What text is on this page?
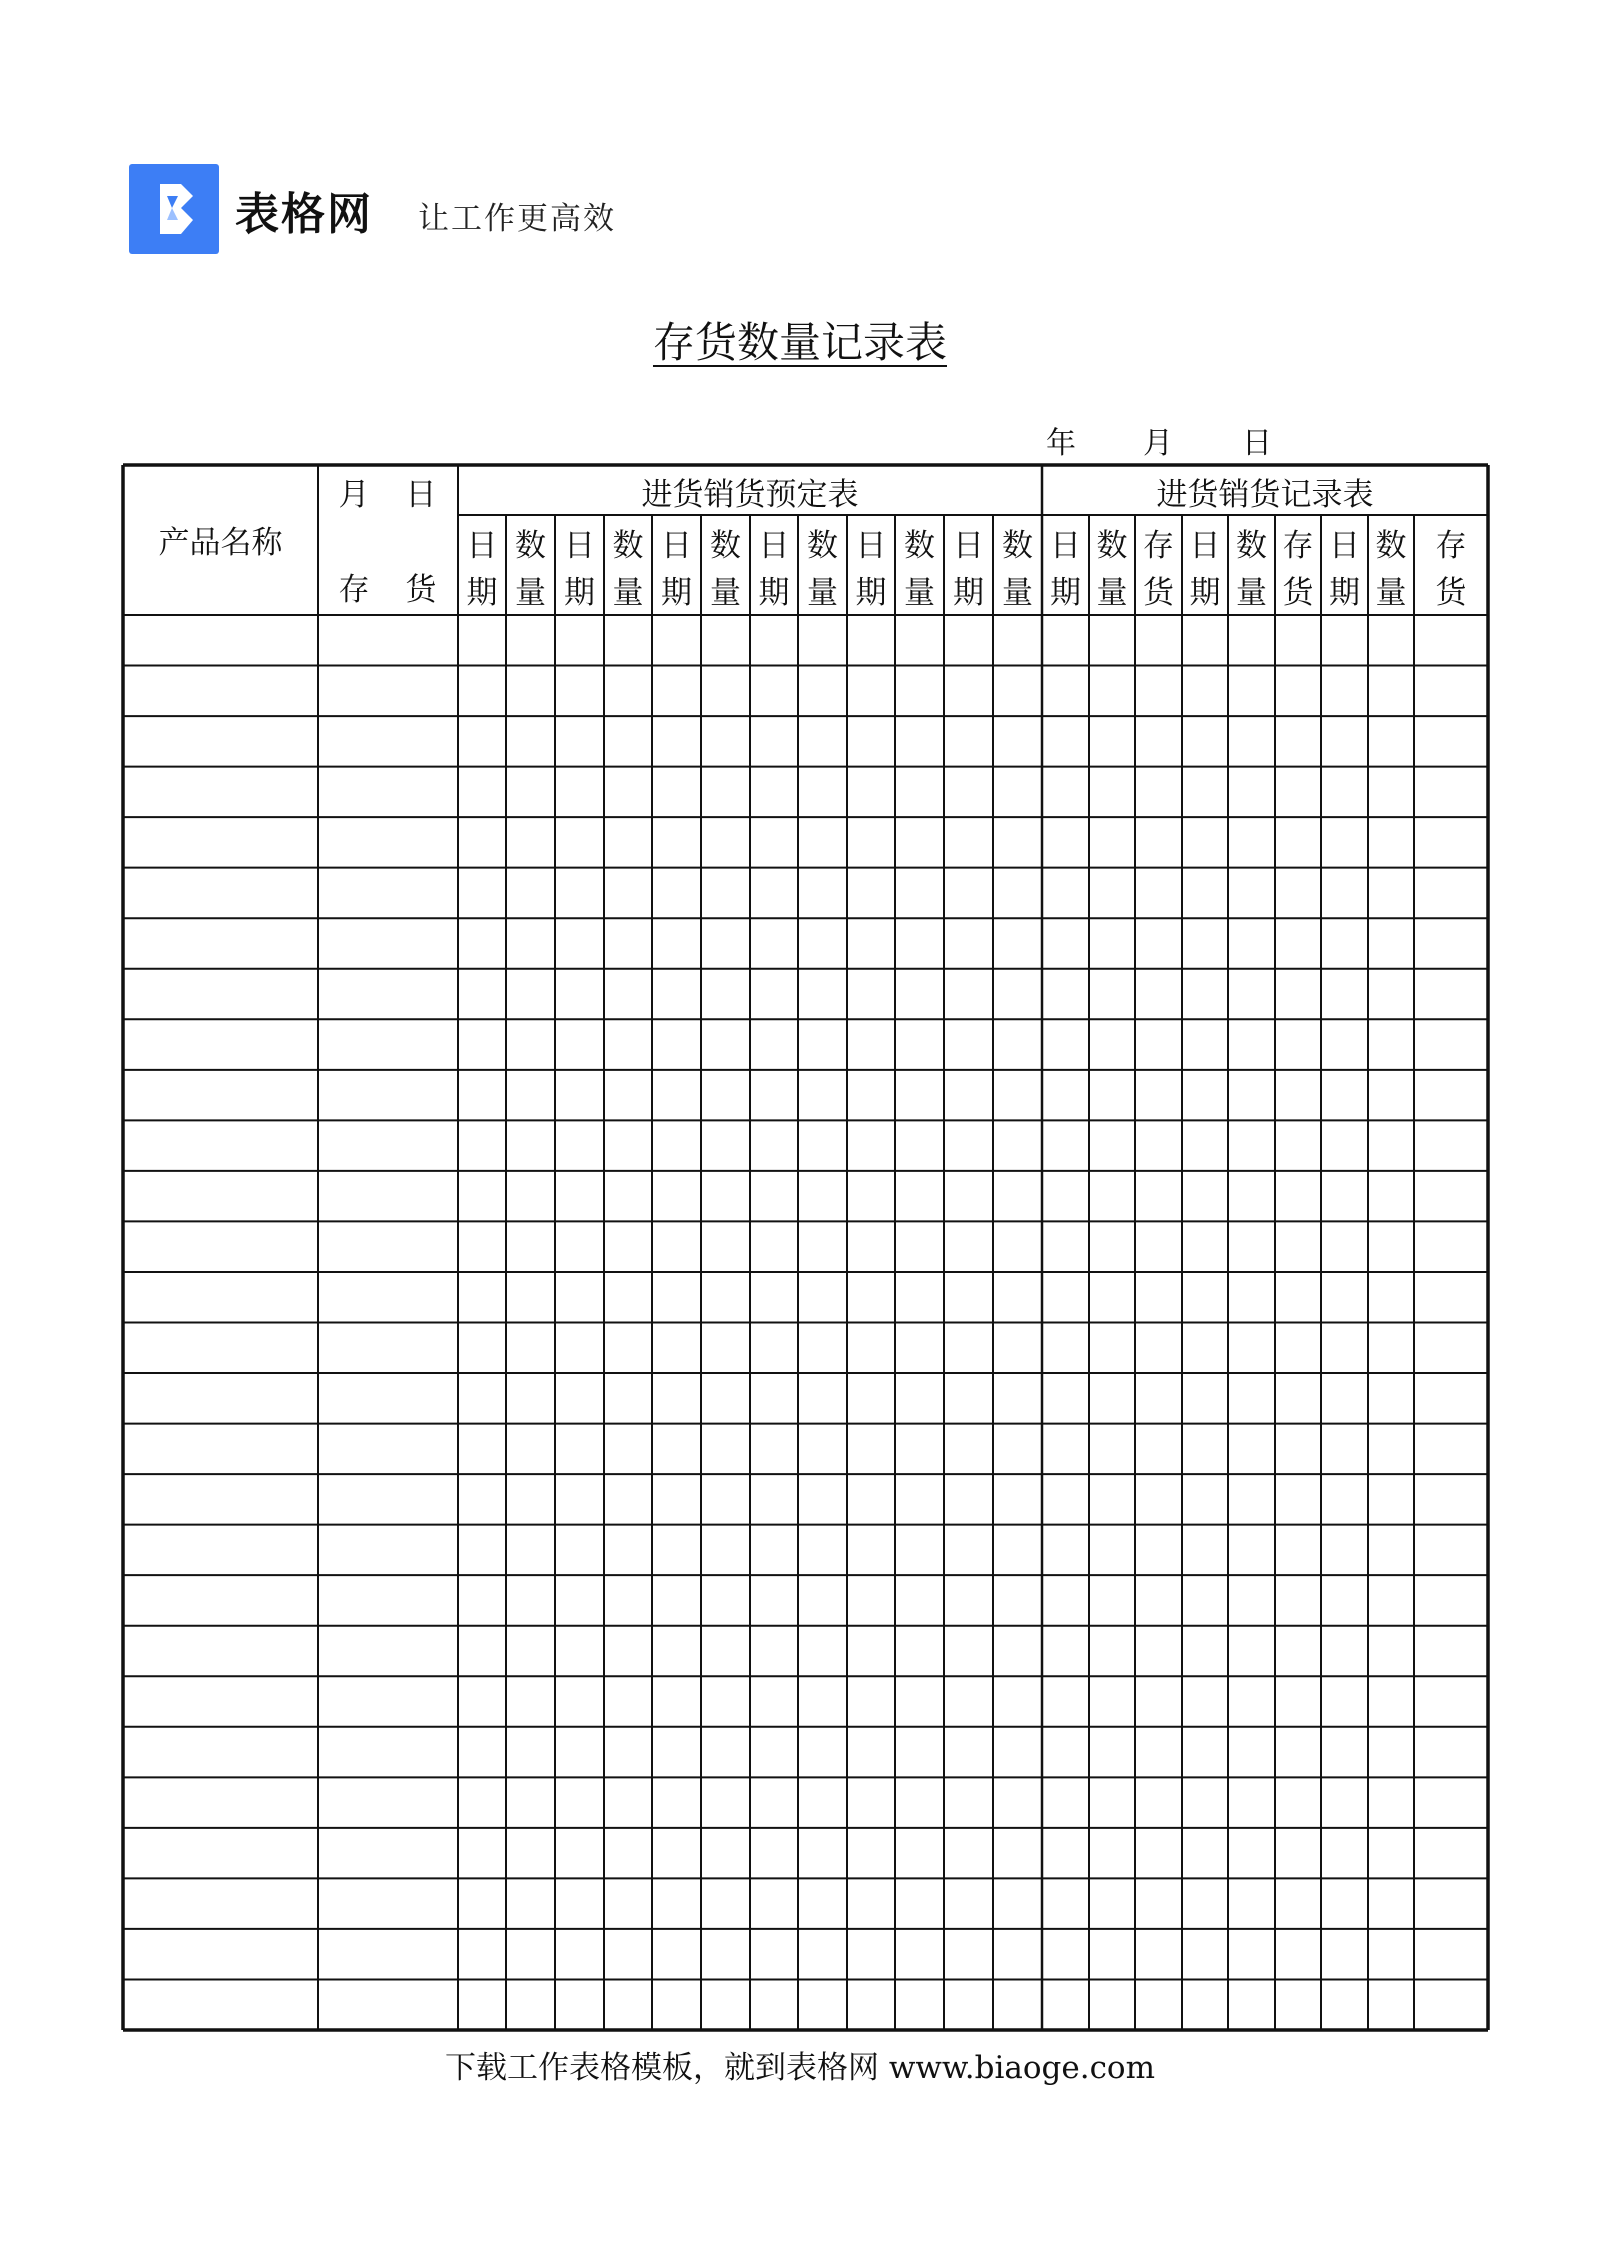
表格网 让工作更高效
存货数量记录表
年 月 日
产品名称
月 日
存 货
进货销货预定表	进货销货记录表
日
期
数
量
日
期
数
量
日
期
数
量
日
期
数
量
日
期
数
量
日
期
数
量
日
期
数
量
存
货
日
期
数
量
存
货
日
期
数
量
存
货
下载工作表格模板，就到表格网 www.biaoge.com
